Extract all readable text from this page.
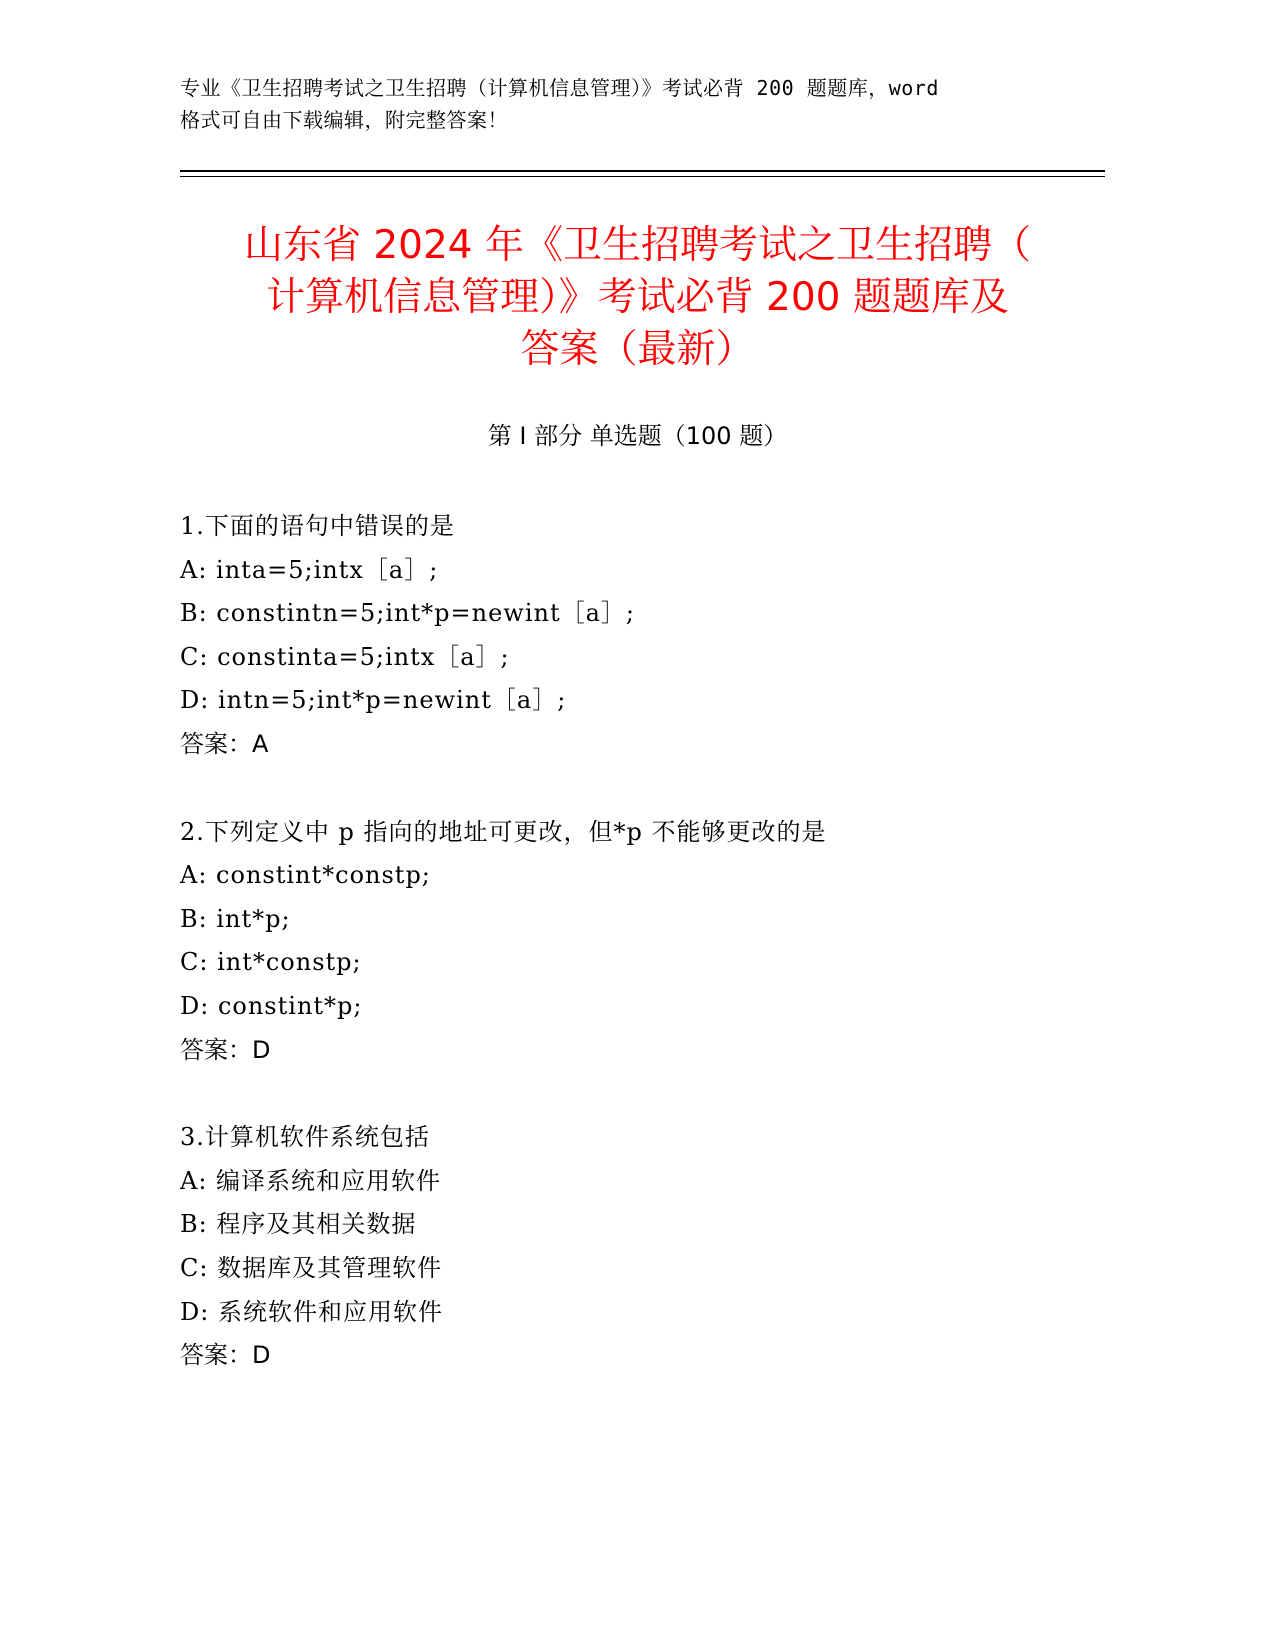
专业《卫生招聘考试之卫生招聘（计算机信息管理）》考试必背 200 题题库，word
格式可自由下载编辑，附完整答案！
山东省 2024 年《卫生招聘考试之卫生招聘（
计算机信息管理）》考试必背 200 题题库及
答案（最新）
第 I 部分 单选题（100 题）
1.下面的语句中错误的是
A: inta=5;intx［a］;
B: constintn=5;int*p=newint［a］;
C: constinta=5;intx［a］;
D: intn=5;int*p=newint［a］;
答案：A
2.下列定义中 p 指向的地址可更改，但*p 不能够更改的是
A: constint*constp;
B: int*p;
C: int*constp;
D: constint*p;
答案：D
3.计算机软件系统包括
A: 编译系统和应用软件
B: 程序及其相关数据
C: 数据库及其管理软件
D: 系统软件和应用软件
答案：D
